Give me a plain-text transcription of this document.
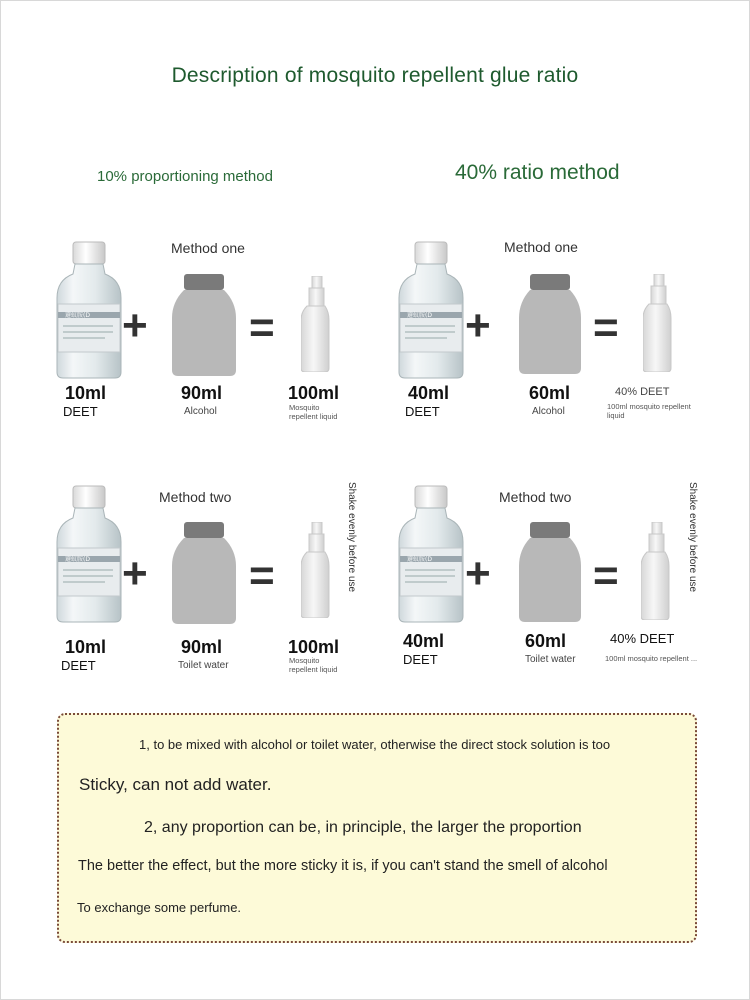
Description of mosquito repellent glue ratio
10% proportioning method	40% ratio method
Method one
避蚊胺(D + =
10ml
DEET
90ml
Alcohol
100ml
Mosquito
repellent liquid
Method one
避蚊胺(D + =
40ml
DEET
60ml
Alcohol
40% DEET
100ml mosquito repellent
liquid
Method two
避蚊胺(D + =	Shake evenly before use
10ml
DEET
90ml
Toilet water
100ml
Mosquito
repellent liquid
Method two
避蚊胺(D + =	Shake evenly before use
40ml
DEET
60ml
Toilet water
40% DEET
100ml mosquito repellent ...
1, to be mixed with alcohol or toilet water, otherwise the direct stock solution is too
Sticky, can not add water.
2, any proportion can be, in principle, the larger the proportion
The better the effect, but the more sticky it is, if you can't stand the smell of alcohol
To exchange some perfume.
